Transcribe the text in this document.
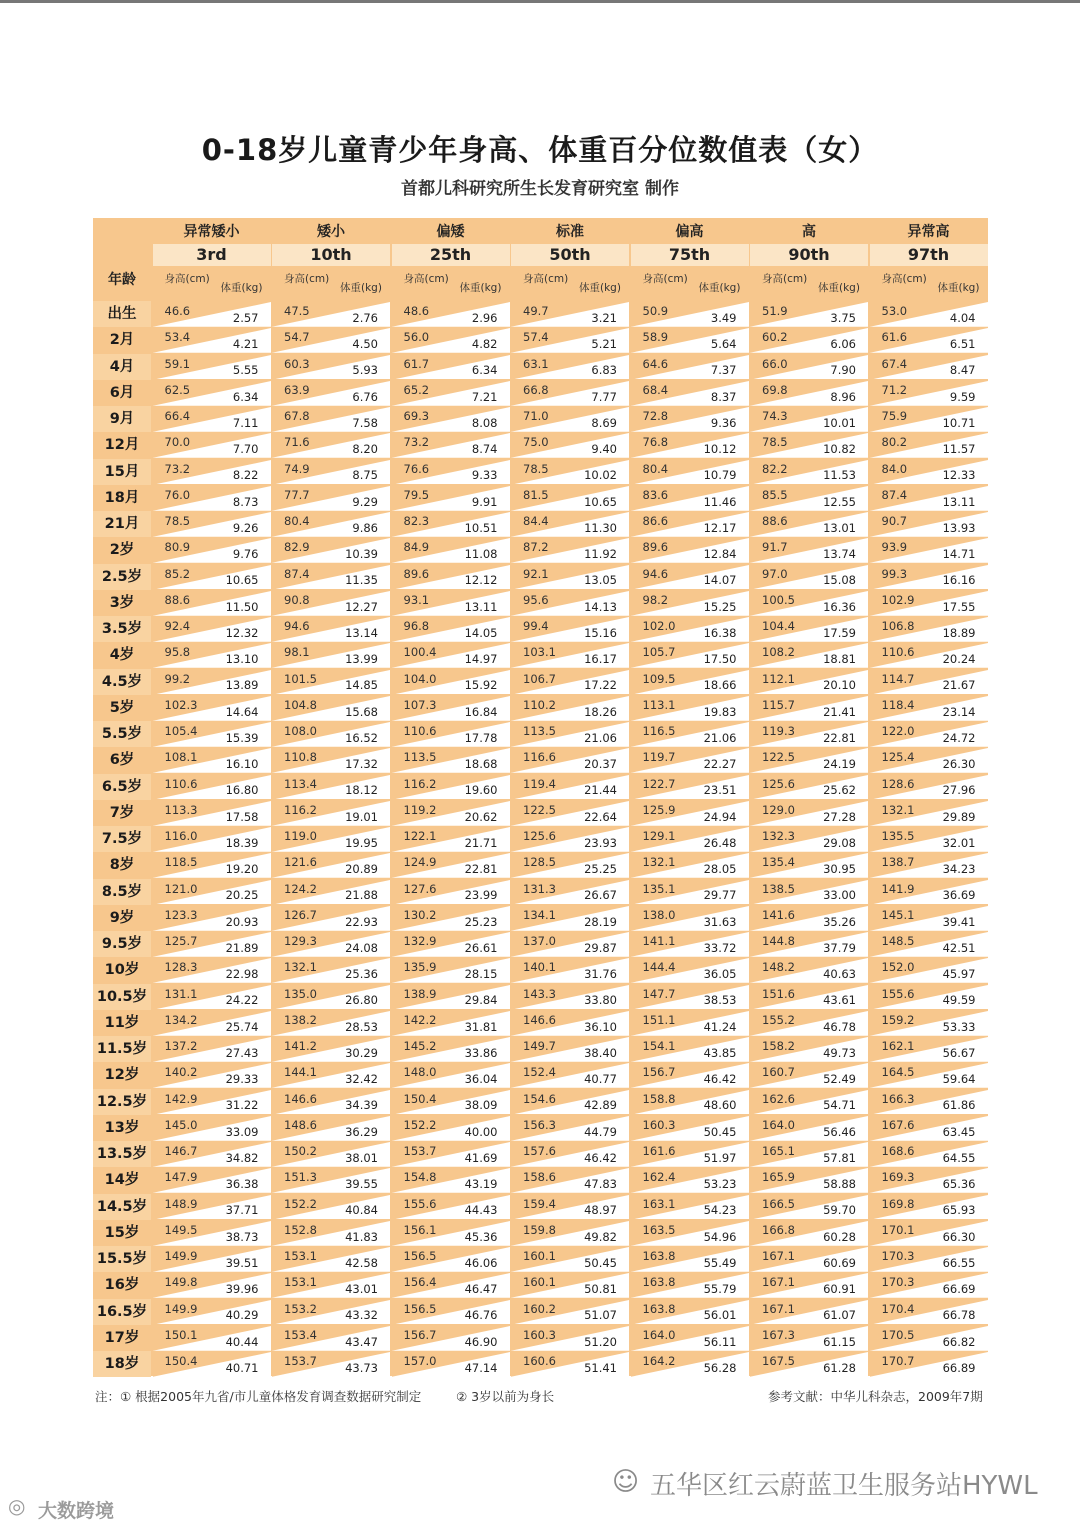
0-18岁儿童青少年身高、体重百分位数值表（女）
首都儿科研究所生长发育研究室 制作
年龄
异常矮小
3rd
身高(cm)
体重(kg)
矮小
10th
身高(cm)
体重(kg)
偏矮
25th
身高(cm)
体重(kg)
标准
50th
身高(cm)
体重(kg)
偏高
75th
身高(cm)
体重(kg)
高
90th
身高(cm)
体重(kg)
异常高
97th
身高(cm)
体重(kg)
出生	46.6	2.57 47.5	2.76 48.6	2.96 49.7	3.21 50.9	3.49 51.9	3.75 53.0	4.04
2月	53.4	4.21 54.7	4.50 56.0	4.82 57.4	5.21 58.9	5.64 60.2	6.06 61.6	6.51
4月	59.1	5.55 60.3	5.93 61.7	6.34 63.1	6.83 64.6	7.37 66.0	7.90 67.4	8.47
6月	62.5	6.34 63.9	6.76 65.2	7.21 66.8	7.77 68.4	8.37 69.8	8.96 71.2	9.59
9月	66.4	7.11 67.8	7.58 69.3	8.08 71.0	8.69 72.8	9.36 74.3	10.01 75.9	10.71
12月	70.0	7.70 71.6	8.20 73.2	8.74 75.0	9.40 76.8	10.12 78.5	10.82 80.2	11.57
15月	73.2	8.22 74.9	8.75 76.6	9.33 78.5	10.02 80.4	10.79 82.2	11.53 84.0	12.33
18月	76.0	8.73 77.7	9.29 79.5	9.91 81.5	10.65 83.6	11.46 85.5	12.55 87.4	13.11
21月	78.5	9.26 80.4	9.86 82.3	10.51 84.4	11.30 86.6	12.17 88.6	13.01 90.7	13.93
2岁	80.9	9.76 82.9	10.39 84.9	11.08 87.2	11.92 89.6	12.84 91.7	13.74 93.9	14.71
2.5岁	85.2	10.65 87.4	11.35 89.6	12.12 92.1	13.05 94.6	14.07 97.0	15.08 99.3	16.16
3岁	88.6	11.50 90.8	12.27 93.1	13.11 95.6	14.13 98.2	15.25 100.5 16.36 102.9 17.55
3.5岁	92.4	12.32 94.6	13.14 96.8	14.05 99.4	15.16 102.0 16.38 104.4 17.59 106.8 18.89
4岁	95.8	13.10 98.1	13.99 100.4 14.97 103.1 16.17 105.7 17.50 108.2 18.81 110.6 20.24
4.5岁	99.2	13.89 101.5 14.85 104.0 15.92 106.7 17.22 109.5 18.66 112.1 20.10 114.7 21.67
5岁	102.3 14.64 104.8 15.68 107.3 16.84 110.2 18.26 113.1 19.83 115.7 21.41 118.4 23.14
5.5岁	105.4 15.39 108.0 16.52 110.6 17.78 113.5 21.06 116.5 21.06 119.3 22.81 122.0 24.72
6岁	108.1 16.10 110.8 17.32 113.5 18.68 116.6 20.37 119.7 22.27 122.5 24.19 125.4 26.30
6.5岁	110.6 16.80 113.4 18.12 116.2 19.60 119.4 21.44 122.7 23.51 125.6 25.62 128.6 27.96
7岁	113.3 17.58 116.2 19.01 119.2 20.62 122.5 22.64 125.9 24.94 129.0 27.28 132.1 29.89
7.5岁	116.0 18.39 119.0 19.95 122.1 21.71 125.6 23.93 129.1 26.48 132.3 29.08 135.5 32.01
8岁	118.5 19.20 121.6 20.89 124.9 22.81 128.5 25.25 132.1 28.05 135.4 30.95 138.7 34.23
8.5岁	121.0 20.25 124.2 21.88 127.6 23.99 131.3 26.67 135.1 29.77 138.5 33.00 141.9 36.69
9岁	123.3 20.93 126.7 22.93 130.2 25.23 134.1 28.19 138.0 31.63 141.6 35.26 145.1 39.41
9.5岁	125.7 21.89 129.3 24.08 132.9 26.61 137.0 29.87 141.1 33.72 144.8 37.79 148.5 42.51
10岁	128.3 22.98 132.1 25.36 135.9 28.15 140.1 31.76 144.4 36.05 148.2 40.63 152.0 45.97
10.5岁	131.1 24.22 135.0 26.80 138.9 29.84 143.3 33.80 147.7 38.53 151.6 43.61 155.6 49.59
11岁	134.2 25.74 138.2 28.53 142.2 31.81 146.6 36.10 151.1 41.24 155.2 46.78 159.2 53.33
11.5岁	137.2 27.43 141.2 30.29 145.2 33.86 149.7 38.40 154.1 43.85 158.2 49.73 162.1 56.67
12岁	140.2 29.33 144.1 32.42 148.0 36.04 152.4 40.77 156.7 46.42 160.7 52.49 164.5 59.64
12.5岁	142.9 31.22 146.6 34.39 150.4 38.09 154.6 42.89 158.8 48.60 162.6 54.71 166.3 61.86
13岁	145.0 33.09 148.6 36.29 152.2 40.00 156.3 44.79 160.3 50.45 164.0 56.46 167.6 63.45
13.5岁	146.7 34.82 150.2 38.01 153.7 41.69 157.6 46.42 161.6 51.97 165.1 57.81 168.6 64.55
14岁	147.9 36.38 151.3 39.55 154.8 43.19 158.6 47.83 162.4 53.23 165.9 58.88 169.3 65.36
14.5岁	148.9 37.71 152.2 40.84 155.6 44.43 159.4 48.97 163.1 54.23 166.5 59.70 169.8 65.93
15岁	149.5 38.73 152.8 41.83 156.1 45.36 159.8 49.82 163.5 54.96 166.8 60.28 170.1 66.30
15.5岁	149.9 39.51 153.1 42.58 156.5 46.06 160.1 50.45 163.8 55.49 167.1 60.69 170.3 66.55
16岁	149.8 39.96 153.1 43.01 156.4 46.47 160.1 50.81 163.8 55.79 167.1 60.91 170.3 66.69
16.5岁	149.9 40.29 153.2 43.32 156.5 46.76 160.2 51.07 163.8 56.01 167.1 61.07 170.4 66.78
17岁	150.1 40.44 153.4 43.47 156.7 46.90 160.3 51.20 164.0 56.11 167.3 61.15 170.5 66.82
18岁	150.4 40.71 153.7 43.73 157.0 47.14 160.6 51.41 164.2 56.28 167.5 61.28 170.7 66.89
注：① 根据2005年九省/市儿童体格发育调查数据研究制定	② 3岁以前为身长	参考文献：中华儿科杂志，2009年7期
☺ 五华区红云蔚蓝卫生服务站HYWL
◎ 大数跨境
